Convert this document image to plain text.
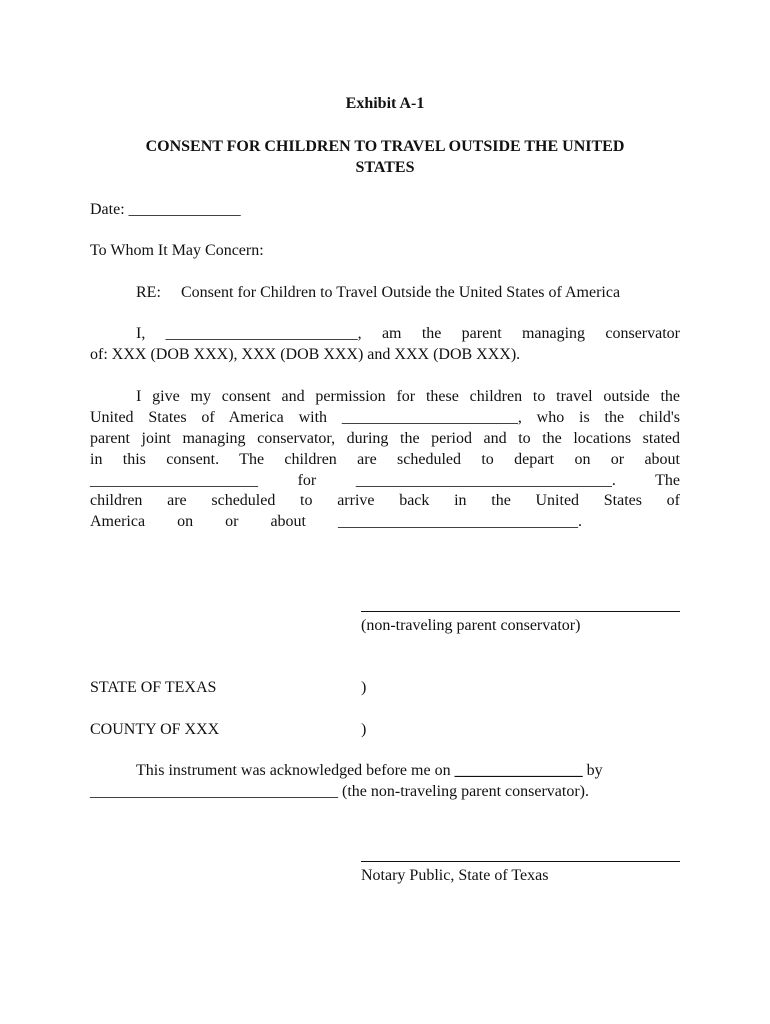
Exhibit A-1
CONSENT FOR CHILDREN TO TRAVEL OUTSIDE THE UNITED
STATES
Date: ______________
To Whom It May Concern:
RE: Consent for Children to Travel Outside the United States of America
I, ________________________, am the parent managing conservator
of: XXX (DOB XXX), XXX (DOB XXX) and XXX (DOB XXX).
I give my consent and permission for these children to travel outside the
United States of America with ______________________, who is the child's
parent joint managing conservator, during the period and to the locations stated
in this consent. The children are scheduled to depart on or about
_____________________ for ________________________________. The
children are scheduled to arrive back in the United States of
America on or about ______________________________.
(non-traveling parent conservator)
STATE OF TEXAS	)
COUNTY OF XXX	)
This instrument was acknowledged before me on ________________ by
_______________________________ (the non-traveling parent conservator).
Notary Public, State of Texas
